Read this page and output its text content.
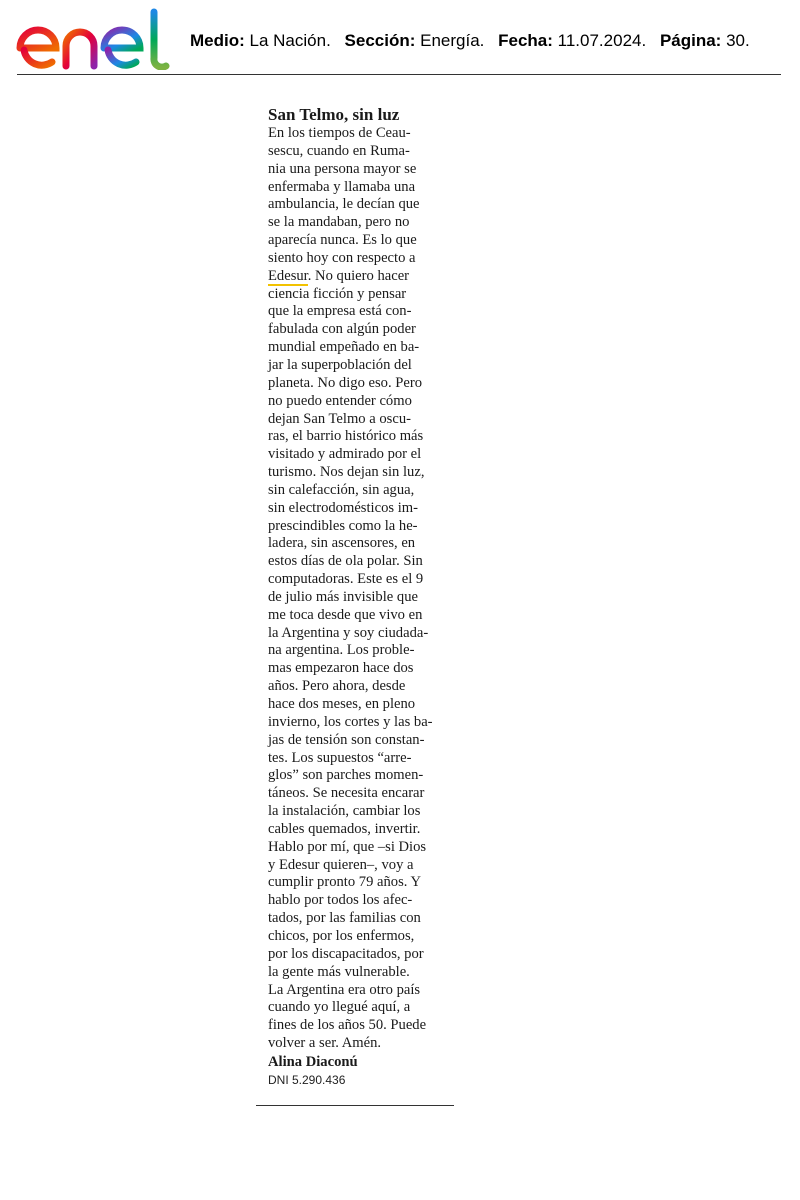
Medio: La Nación. Sección: Energía. Fecha: 11.07.2024. Página: 30.
San Telmo, sin luz
En los tiempos de Ceau-
sescu, cuando en Ruma-
nia una persona mayor se
enfermaba y llamaba una
ambulancia, le decían que
se la mandaban, pero no
aparecía nunca. Es lo que
siento hoy con respecto a
Edesur. No quiero hacer
ciencia ficción y pensar
que la empresa está con-
fabulada con algún poder
mundial empeñado en ba-
jar la superpoblación del
planeta. No digo eso. Pero
no puedo entender cómo
dejan San Telmo a oscu-
ras, el barrio histórico más
visitado y admirado por el
turismo. Nos dejan sin luz,
sin calefacción, sin agua,
sin electrodomésticos im-
prescindibles como la he-
ladera, sin ascensores, en
estos días de ola polar. Sin
computadoras. Este es el 9
de julio más invisible que
me toca desde que vivo en
la Argentina y soy ciudada-
na argentina. Los proble-
mas empezaron hace dos
años. Pero ahora, desde
hace dos meses, en pleno
invierno, los cortes y las ba-
jas de tensión son constan-
tes. Los supuestos “arre-
glos” son parches momen-
táneos. Se necesita encarar
la instalación, cambiar los
cables quemados, invertir.
Hablo por mí, que –si Dios
y Edesur quieren–, voy a
cumplir pronto 79 años. Y
hablo por todos los afec-
tados, por las familias con
chicos, por los enfermos,
por los discapacitados, por
la gente más vulnerable.
La Argentina era otro país
cuando yo llegué aquí, a
fines de los años 50. Puede
volver a ser. Amén.
Alina Diaconú
DNI 5.290.436
